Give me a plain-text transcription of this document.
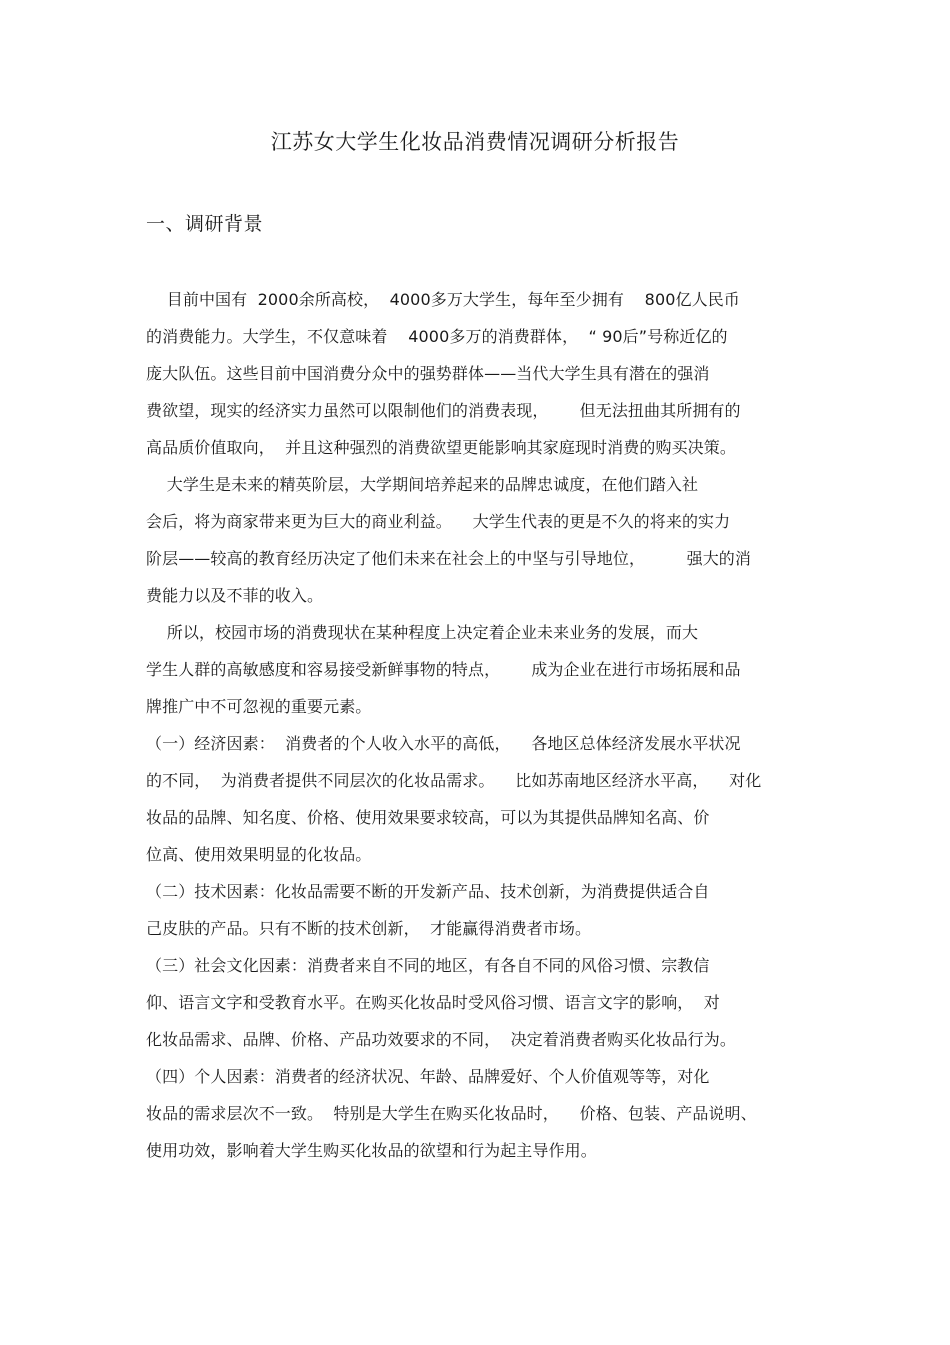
江苏女大学生化妆品消费情况调研分析报告
一、调研背景
目前中国有  2000余所高校，  4000多万大学生，每年至少拥有    800亿人民币
的消费能力。大学生，不仅意味着    4000多万的消费群体，  “ 90后”号称近亿的
庞大队伍。这些目前中国消费分众中的强势群体——当代大学生具有潜在的强消
费欲望，现实的经济实力虽然可以限制他们的消费表现，      但无法扭曲其所拥有的
高品质价值取向，  并且这种强烈的消费欲望更能影响其家庭现时消费的购买决策。
大学生是未来的精英阶层，大学期间培养起来的品牌忠诚度，在他们踏入社
会后，将为商家带来更为巨大的商业利益。    大学生代表的更是不久的将来的实力
阶层——较高的教育经历决定了他们未来在社会上的中坚与引导地位，        强大的消
费能力以及不菲的收入。
所以，校园市场的消费现状在某种程度上决定着企业未来业务的发展，而大
学生人群的高敏感度和容易接受新鲜事物的特点，      成为企业在进行市场拓展和品
牌推广中不可忽视的重要元素。
（一）经济因素：  消费者的个人收入水平的高低，    各地区总体经济发展水平状况
的不同，  为消费者提供不同层次的化妆品需求。    比如苏南地区经济水平高，    对化
妆品的品牌、知名度、价格、使用效果要求较高，可以为其提供品牌知名高、价
位高、使用效果明显的化妆品。
（二）技术因素：化妆品需要不断的开发新产品、技术创新，为消费提供适合自
己皮肤的产品。只有不断的技术创新，  才能赢得消费者市场。
（三）社会文化因素：消费者来自不同的地区，有各自不同的风俗习惯、宗教信
仰、语言文字和受教育水平。在购买化妆品时受风俗习惯、语言文字的影响，  对
化妆品需求、品牌、价格、产品功效要求的不同，  决定着消费者购买化妆品行为。
（四）个人因素：消费者的经济状况、年龄、品牌爱好、个人价值观等等，对化
妆品的需求层次不一致。  特别是大学生在购买化妆品时，    价格、包装、产品说明、
使用功效，影响着大学生购买化妆品的欲望和行为起主导作用。
